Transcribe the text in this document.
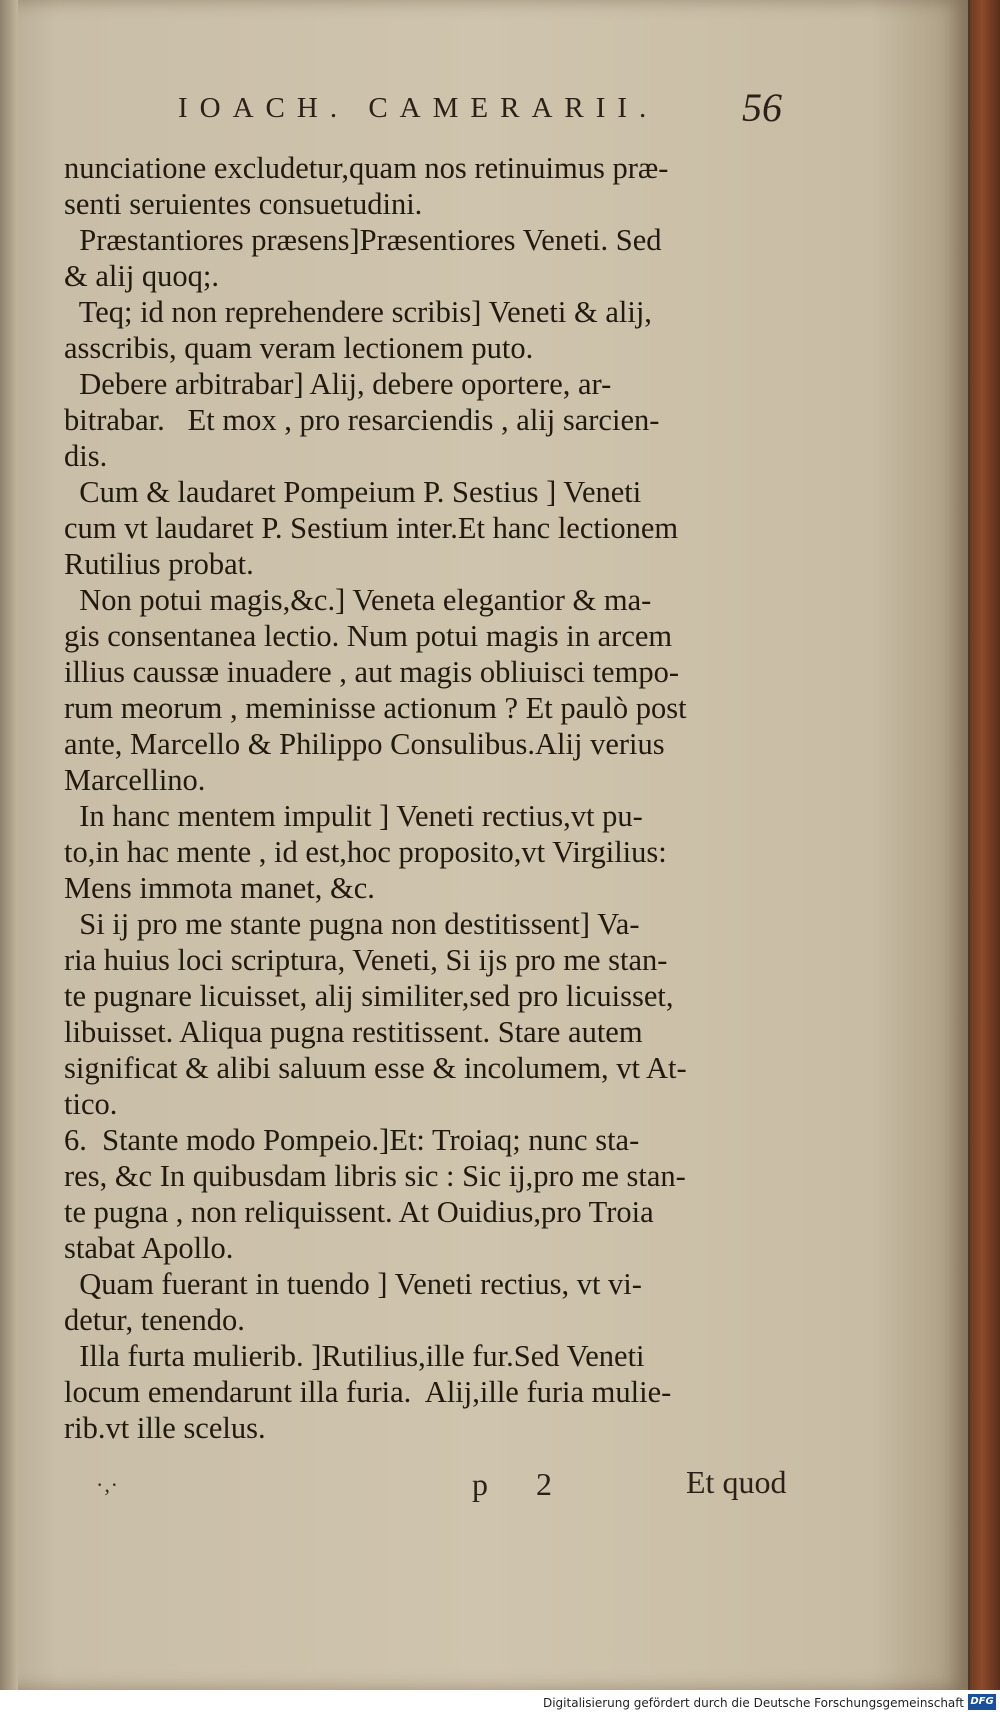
IOACH. CAMERARII.	56

nunciatione excludetur,quam nos retinuimus præ-

senti seruientes consuetudini.

Præstantiores præsens]Præsentiores Veneti. Sed

& alij quoq;.

Teq; id non reprehendere scribis] Veneti & alij,

asscribis, quam veram lectionem puto.

Debere arbitrabar] Alij, debere oportere, ar-

bitrabar.   Et mox , pro resarciendis , alij sarcien-

dis.

Cum & laudaret Pompeium P. Sestius ] Veneti

cum vt laudaret P. Sestium inter.Et hanc lectionem

Rutilius probat.

Non potui magis,&c.] Veneta elegantior & ma-

gis consentanea lectio. Num potui magis in arcem

illius caussæ inuadere , aut magis obliuisci tempo-

rum meorum , meminisse actionum ? Et paulò post

ante, Marcello & Philippo Consulibus.Alij verius

Marcellino.

In hanc mentem impulit ] Veneti rectius,vt pu-

to,in hac mente , id est,hoc proposito,vt Virgilius:

Mens immota manet, &c.

Si ij pro me stante pugna non destitissent] Va-

ria huius loci scriptura, Veneti, Si ijs pro me stan-

te pugnare licuisset, alij similiter,sed pro licuisset,

libuisset. Aliqua pugna restitissent. Stare autem

significat & alibi saluum esse & incolumem, vt At-

tico.

6.  Stante modo Pompeio.]Et: Troiaq; nunc sta-

res, &c In quibusdam libris sic : Sic ij,pro me stan-

te pugna , non reliquissent. At Ouidius,pro Troia

stabat Apollo.

Quam fuerant in tuendo ] Veneti rectius, vt vi-

detur, tenendo.

Illa furta mulierib. ]Rutilius,ille fur.Sed Veneti

locum emendarunt illa furia.  Alij,ille furia mulie-

rib.vt ille scelus.

·‚·	p 2	Et quod
Digitalisierung gefördert durch die Deutsche Forschungsgemeinschaft DFG
